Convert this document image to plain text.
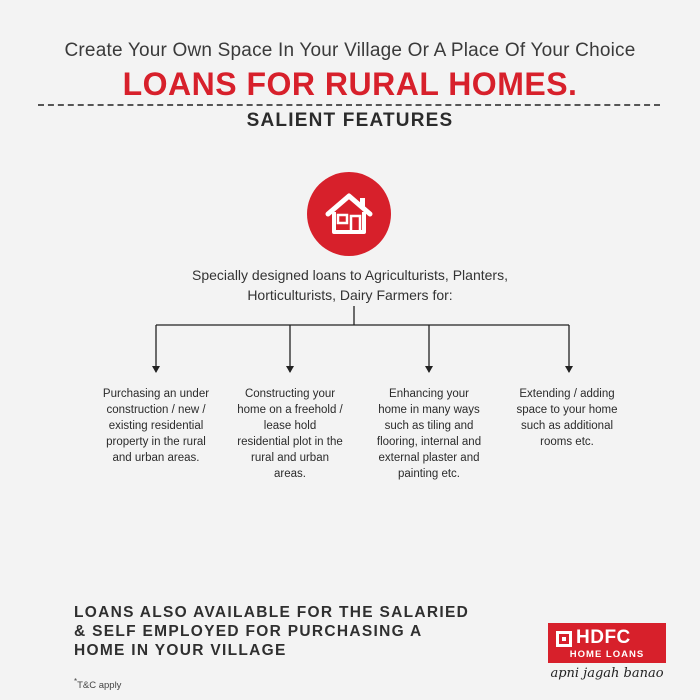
Create Your Own Space In Your Village Or A Place Of Your Choice
LOANS FOR RURAL HOMES.
SALIENT FEATURES
Specially designed loans to Agriculturists, Planters, Horticulturists, Dairy Farmers for:
Purchasing an under construction / new / existing residential property in the rural and urban areas.
Constructing your home on a freehold / lease hold residential plot in the rural and urban areas.
Enhancing your home in many ways such as tiling and flooring, internal and external plaster and painting etc.
Extending / adding space to your home such as additional rooms etc.
LOANS ALSO AVAILABLE FOR THE SALARIED & SELF EMPLOYED FOR PURCHASING A HOME IN YOUR VILLAGE
*T&C apply
HDFC
HOME LOANS
apni jagah banao
